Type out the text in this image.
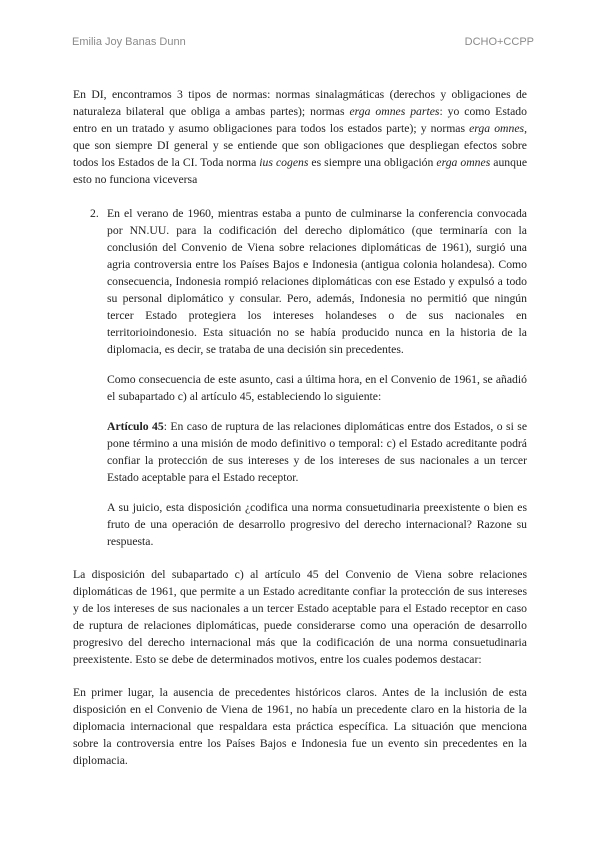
Emilia Joy Banas Dunn	DCHO+CCPP

En DI, encontramos 3 tipos de normas: normas sinalagmáticas (derechos y obligaciones de naturaleza bilateral que obliga a ambas partes); normas erga omnes partes: yo como Estado entro en un tratado y asumo obligaciones para todos los estados parte); y normas erga omnes, que son siempre DI general y se entiende que son obligaciones que despliegan efectos sobre todos los Estados de la CI. Toda norma ius cogens es siempre una obligación erga omnes aunque esto no funciona viceversa

2. En el verano de 1960, mientras estaba a punto de culminarse la conferencia convocada por NN.UU. para la codificación del derecho diplomático (que terminaría con la conclusión del Convenio de Viena sobre relaciones diplomáticas de 1961), surgió una agria controversia entre los Países Bajos e Indonesia (antigua colonia holandesa). Como consecuencia, Indonesia rompió relaciones diplomáticas con ese Estado y expulsó a todo su personal diplomático y consular. Pero, además, Indonesia no permitió que ningún tercer Estado protegiera los intereses holandeses o de sus nacionales en territorioindonesio. Esta situación no se había producido nunca en la historia de la diplomacia, es decir, se trataba de una decisión sin precedentes.

Como consecuencia de este asunto, casi a última hora, en el Convenio de 1961, se añadió el subapartado c) al artículo 45, estableciendo lo siguiente:

Artículo 45: En caso de ruptura de las relaciones diplomáticas entre dos Estados, o si se pone término a una misión de modo definitivo o temporal: c) el Estado acreditante podrá confiar la protección de sus intereses y de los intereses de sus nacionales a un tercer Estado aceptable para el Estado receptor.

A su juicio, esta disposición ¿codifica una norma consuetudinaria preexistente o bien es fruto de una operación de desarrollo progresivo del derecho internacional? Razone su respuesta.

La disposición del subapartado c) al artículo 45 del Convenio de Viena sobre relaciones diplomáticas de 1961, que permite a un Estado acreditante confiar la protección de sus intereses y de los intereses de sus nacionales a un tercer Estado aceptable para el Estado receptor en caso de ruptura de relaciones diplomáticas, puede considerarse como una operación de desarrollo progresivo del derecho internacional más que la codificación de una norma consuetudinaria preexistente. Esto se debe de determinados motivos, entre los cuales podemos destacar:

En primer lugar, la ausencia de precedentes históricos claros. Antes de la inclusión de esta disposición en el Convenio de Viena de 1961, no había un precedente claro en la historia de la diplomacia internacional que respaldara esta práctica específica. La situación que menciona sobre la controversia entre los Países Bajos e Indonesia fue un evento sin precedentes en la diplomacia.
